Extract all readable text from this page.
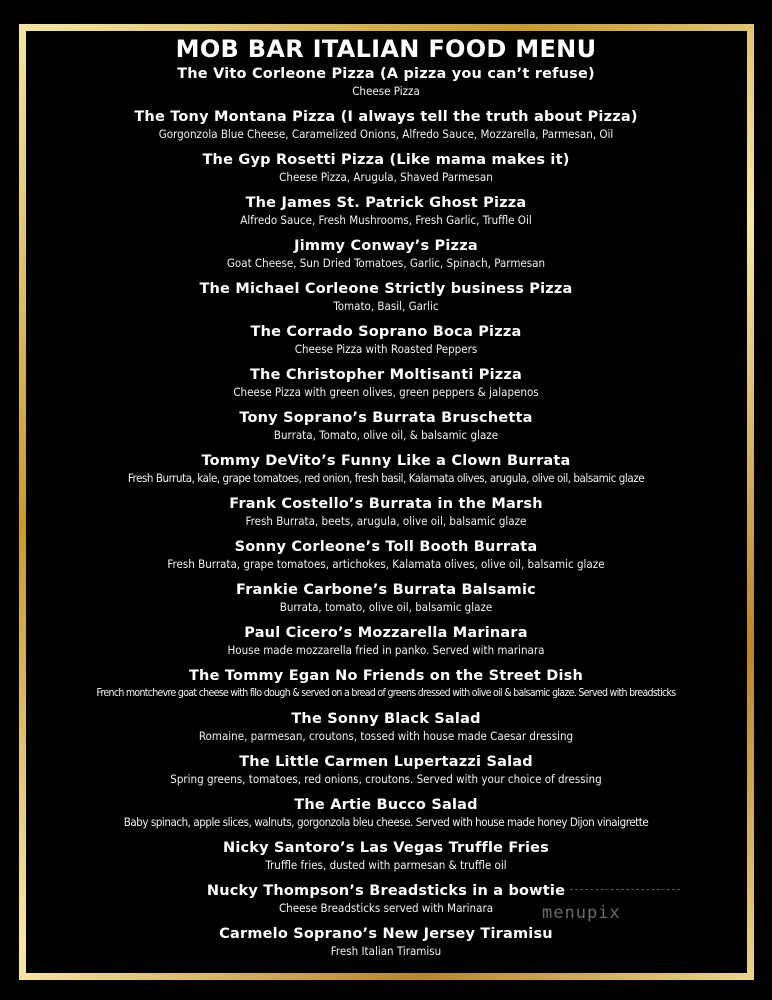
MOB BAR ITALIAN FOOD MENU
The Vito Corleone Pizza (A pizza you can’t refuse)
Cheese Pizza
The Tony Montana Pizza (I always tell the truth about Pizza)
Gorgonzola Blue Cheese, Caramelized Onions, Alfredo Sauce, Mozzarella, Parmesan, Oil
The Gyp Rosetti Pizza (Like mama makes it)
Cheese Pizza, Arugula, Shaved Parmesan
The James St. Patrick Ghost Pizza
Alfredo Sauce, Fresh Mushrooms, Fresh Garlic, Truffle Oil
Jimmy Conway’s Pizza
Goat Cheese, Sun Dried Tomatoes, Garlic, Spinach, Parmesan
The Michael Corleone Strictly business Pizza
Tomato, Basil, Garlic
The Corrado Soprano Boca Pizza
Cheese Pizza with Roasted Peppers
The Christopher Moltisanti Pizza
Cheese Pizza with green olives, green peppers & jalapenos
Tony Soprano’s Burrata Bruschetta
Burrata, Tomato, olive oil, & balsamic glaze
Tommy DeVito’s Funny Like a Clown Burrata
Fresh Burruta, kale, grape tomatoes, red onion, fresh basil, Kalamata olives, arugula, olive oil, balsamic glaze
Frank Costello’s Burrata in the Marsh
Fresh Burrata, beets, arugula, olive oil, balsamic glaze
Sonny Corleone’s Toll Booth Burrata
Fresh Burrata, grape tomatoes, artichokes, Kalamata olives, olive oil, balsamic glaze
Frankie Carbone’s Burrata Balsamic
Burrata, tomato, olive oil, balsamic glaze
Paul Cicero’s Mozzarella Marinara
House made mozzarella fried in panko. Served with marinara
The Tommy Egan No Friends on the Street Dish
French montchevre goat cheese with filo dough & served on a bread of greens dressed with olive oil & balsamic glaze. Served with breadsticks
The Sonny Black Salad
Romaine, parmesan, croutons, tossed with house made Caesar dressing
The Little Carmen Lupertazzi Salad
Spring greens, tomatoes, red onions, croutons. Served with your choice of dressing
The Artie Bucco Salad
Baby spinach, apple slices, walnuts, gorgonzola bleu cheese. Served with house made honey Dijon vinaigrette
Nicky Santoro’s Las Vegas Truffle Fries
Truffle fries, dusted with parmesan & truffle oil
Nucky Thompson’s Breadsticks in a bowtie
Cheese Breadsticks served with Marinara
Carmelo Soprano’s New Jersey Tiramisu
Fresh Italian Tiramisu
menupix
